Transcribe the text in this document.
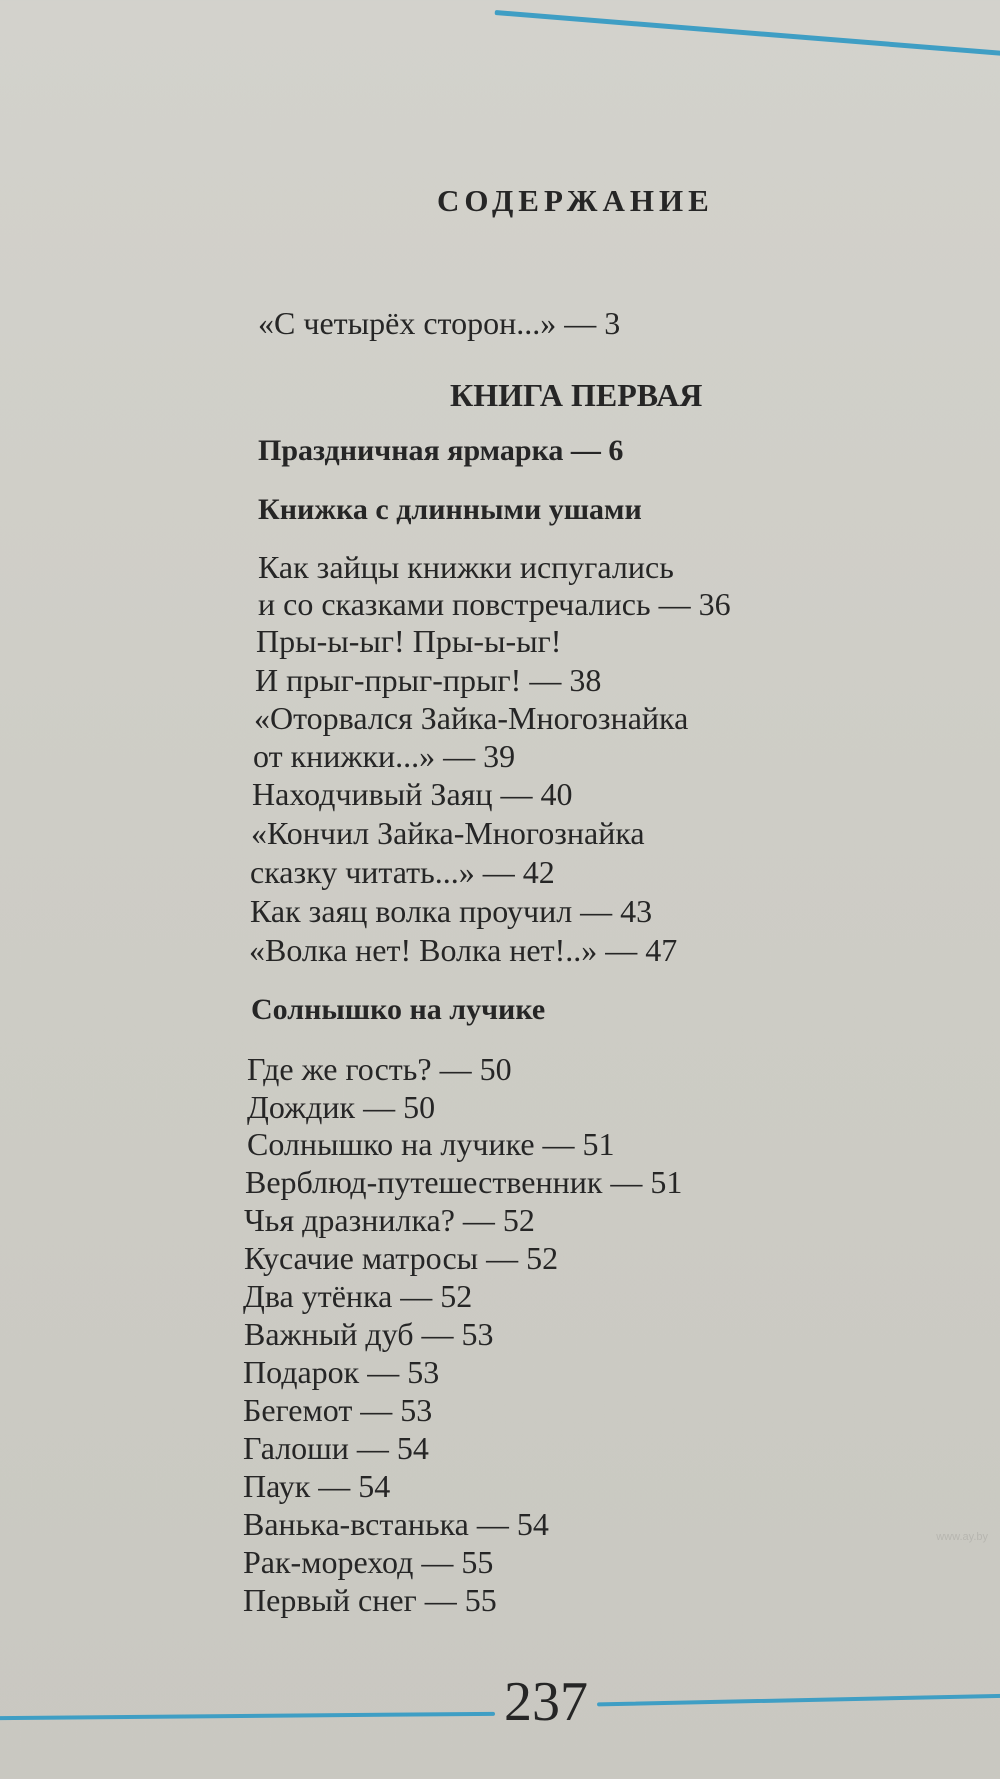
СОДЕРЖАНИЕ
«С четырёх сторон...» — 3
КНИГА ПЕРВАЯ
Праздничная ярмарка — 6
Книжка с длинными ушами
Как зайцы книжки испугались
и со сказками повстречались — 36
Пры-ы-ыг! Пры-ы-ыг!
И прыг-прыг-прыг! — 38
«Оторвался Зайка-Многознайка
от книжки...» — 39
Находчивый Заяц — 40
«Кончил Зайка-Многознайка
сказку читать...» — 42
Как заяц волка проучил — 43
«Волка нет! Волка нет!..» — 47
Солнышко на лучике
Где же гость? — 50
Дождик — 50
Солнышко на лучике — 51
Верблюд-путешественник — 51
Чья дразнилка? — 52
Кусачие матросы — 52
Два утёнка — 52
Важный дуб — 53
Подарок — 53
Бегемот — 53
Галоши — 54
Паук — 54
Ванька-встанька — 54
Рак-мореход — 55
Первый снег — 55
www.ay.by
237
